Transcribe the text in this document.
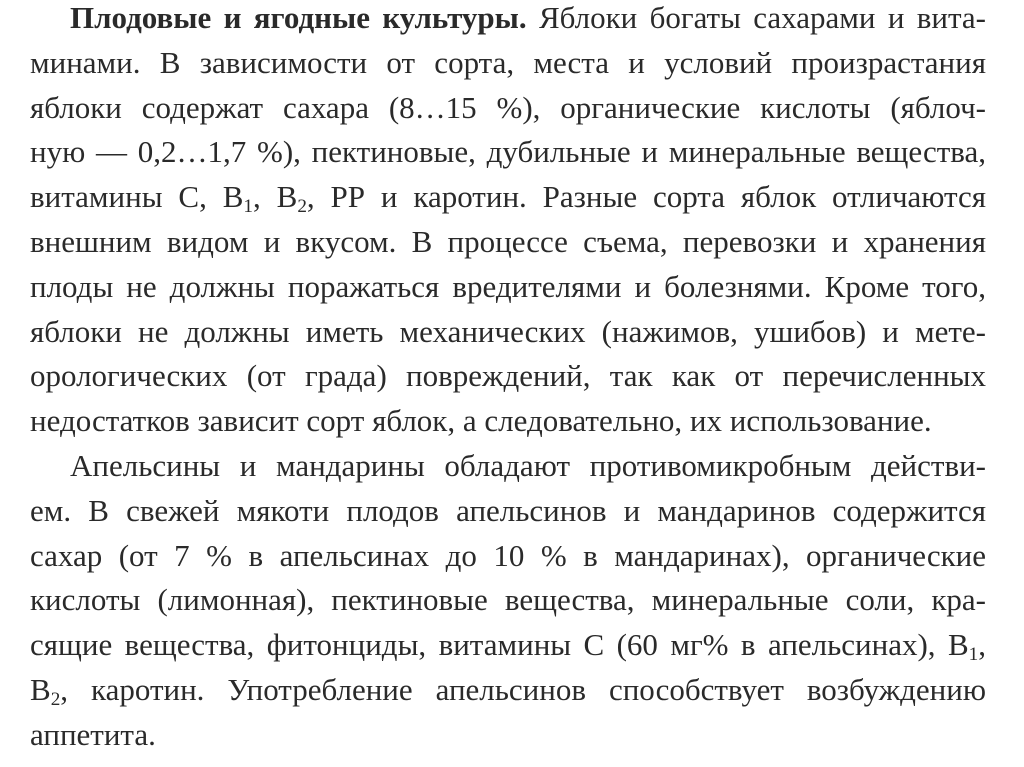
Плодовые и ягодные культуры. Яблоки богаты сахарами и вита-
минами. В зависимости от сорта, места и условий произрастания
яблоки содержат сахара (8…15 %), органические кислоты (яблоч-
ную — 0,2…1,7 %), пектиновые, дубильные и минеральные вещества,
витамины С, $В_1$, $В_2$, РР и каротин. Разные сорта яблок отличаются
внешним видом и вкусом. В процессе съема, перевозки и хранения
плоды не должны поражаться вредителями и болезнями. Кроме того,
яблоки не должны иметь механических (нажимов, ушибов) и мете-
орологических (от града) повреждений, так как от перечисленных
недостатков зависит сорт яблок, а следовательно, их использование.
Апельсины и мандарины обладают противомикробным действи-
ем. В свежей мякоти плодов апельсинов и мандаринов содержится
сахар (от 7 % в апельсинах до 10 % в мандаринах), органические
кислоты (лимонная), пектиновые вещества, минеральные соли, кра-
сящие вещества, фитонциды, витамины С (60 мг% в апельсинах), $В_1$,
$В_2$, каротин. Употребление апельсинов способствует возбуждению
аппетита.
